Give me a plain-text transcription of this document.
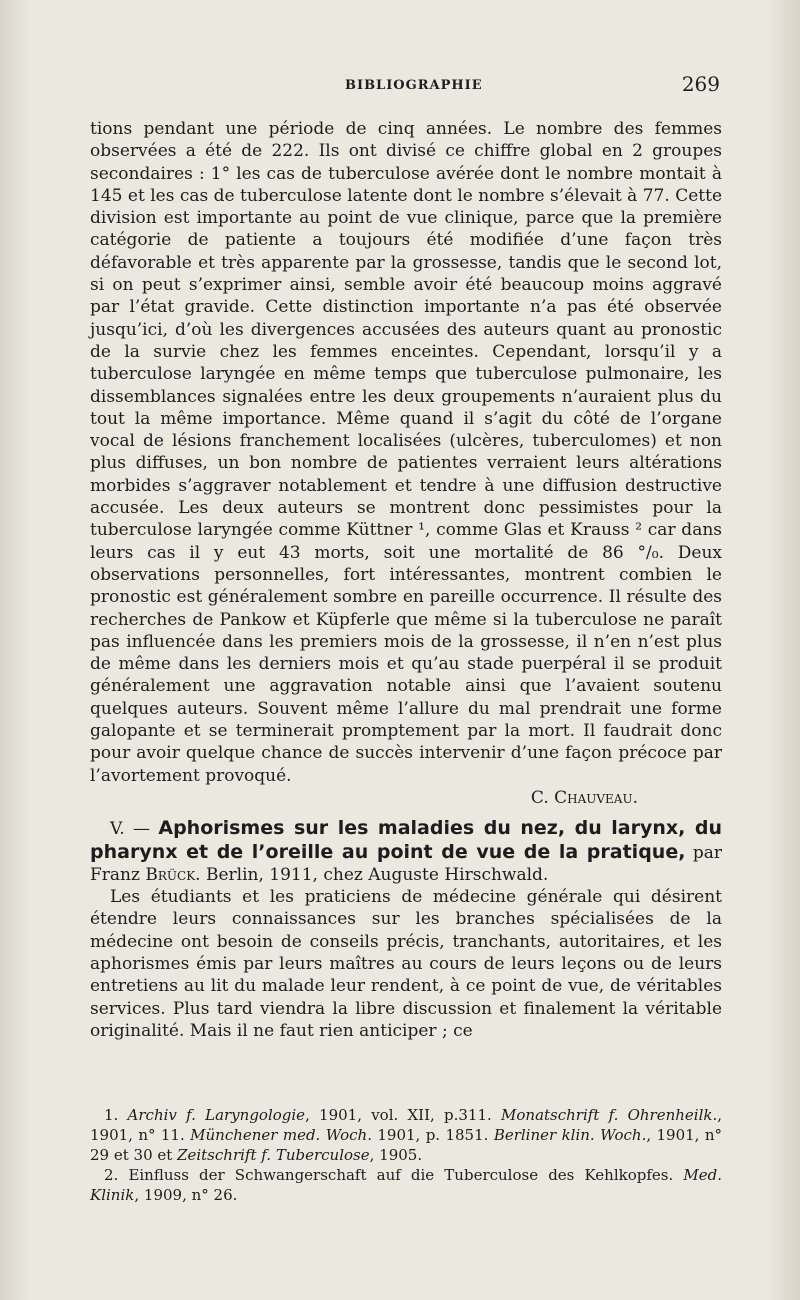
BIBLIOGRAPHIE	269

tions pendant une période de cinq années. Le nombre des femmes observées a été de 222. Ils ont divisé ce chiffre global en 2 groupes secondaires : 1° les cas de tuberculose avérée dont le nombre montait à 145 et les cas de tuberculose latente dont le nombre s’élevait à 77. Cette division est importante au point de vue clinique, parce que la première catégorie de patiente a toujours été modifiée d’une façon très défavorable et très apparente par la grossesse, tandis que le second lot, si on peut s’exprimer ainsi, semble avoir été beaucoup moins aggravé par l’état gravide. Cette distinction importante n’a pas été observée jusqu’ici, d’où les divergences accusées des auteurs quant au pronostic de la survie chez les femmes enceintes. Cependant, lorsqu’il y a tuberculose laryngée en même temps que tuberculose pulmonaire, les dissemblances signalées entre les deux groupements n’auraient plus du tout la même importance. Même quand il s’agit du côté de l’organe vocal de lésions franchement localisées (ulcères, tuberculomes) et non plus diffuses, un bon nombre de patientes verraient leurs altérations morbides s’aggraver notablement et tendre à une diffusion destructive accusée. Les deux auteurs se montrent donc pessimistes pour la tuberculose laryngée comme Küttner ¹, comme Glas et Krauss ² car dans leurs cas il y eut 43 morts, soit une mortalité de 86 °/₀. Deux observations personnelles, fort intéressantes, montrent combien le pronostic est généralement sombre en pareille occurrence. Il résulte des recherches de Pankow et Küpferle que même si la tuberculose ne paraît pas influencée dans les premiers mois de la grossesse, il n’en n’est plus de même dans les derniers mois et qu’au stade puerpéral il se produit généralement une aggravation notable ainsi que l’avaient soutenu quelques auteurs. Souvent même l’allure du mal prendrait une forme galopante et se terminerait promptement par la mort. Il faudrait donc pour avoir quelque chance de succès intervenir d’une façon précoce par l’avortement provoqué.

C. Chauveau.

V. — Aphorismes sur les maladies du nez, du larynx, du pharynx et de l’oreille au point de vue de la pratique, par Franz Brück. Berlin, 1911, chez Auguste Hirschwald.

Les étudiants et les praticiens de médecine générale qui désirent étendre leurs connaissances sur les branches spécialisées de la médecine ont besoin de conseils précis, tranchants, autoritaires, et les aphorismes émis par leurs maîtres au cours de leurs leçons ou de leurs entretiens au lit du malade leur rendent, à ce point de vue, de véritables services. Plus tard viendra la libre discussion et finalement la véritable originalité. Mais il ne faut rien anticiper ; ce

1. Archiv f. Laryngologie, 1901, vol. XII, p.311. Monatschrift f. Ohrenheilk., 1901, n° 11. Münchener med. Woch. 1901, p. 1851. Berliner klin. Woch., 1901, n° 29 et 30 et Zeitschrift f. Tuberculose, 1905.

2. Einfluss der Schwangerschaft auf die Tuberculose des Kehlkopfes. Med. Klinik, 1909, n° 26.
